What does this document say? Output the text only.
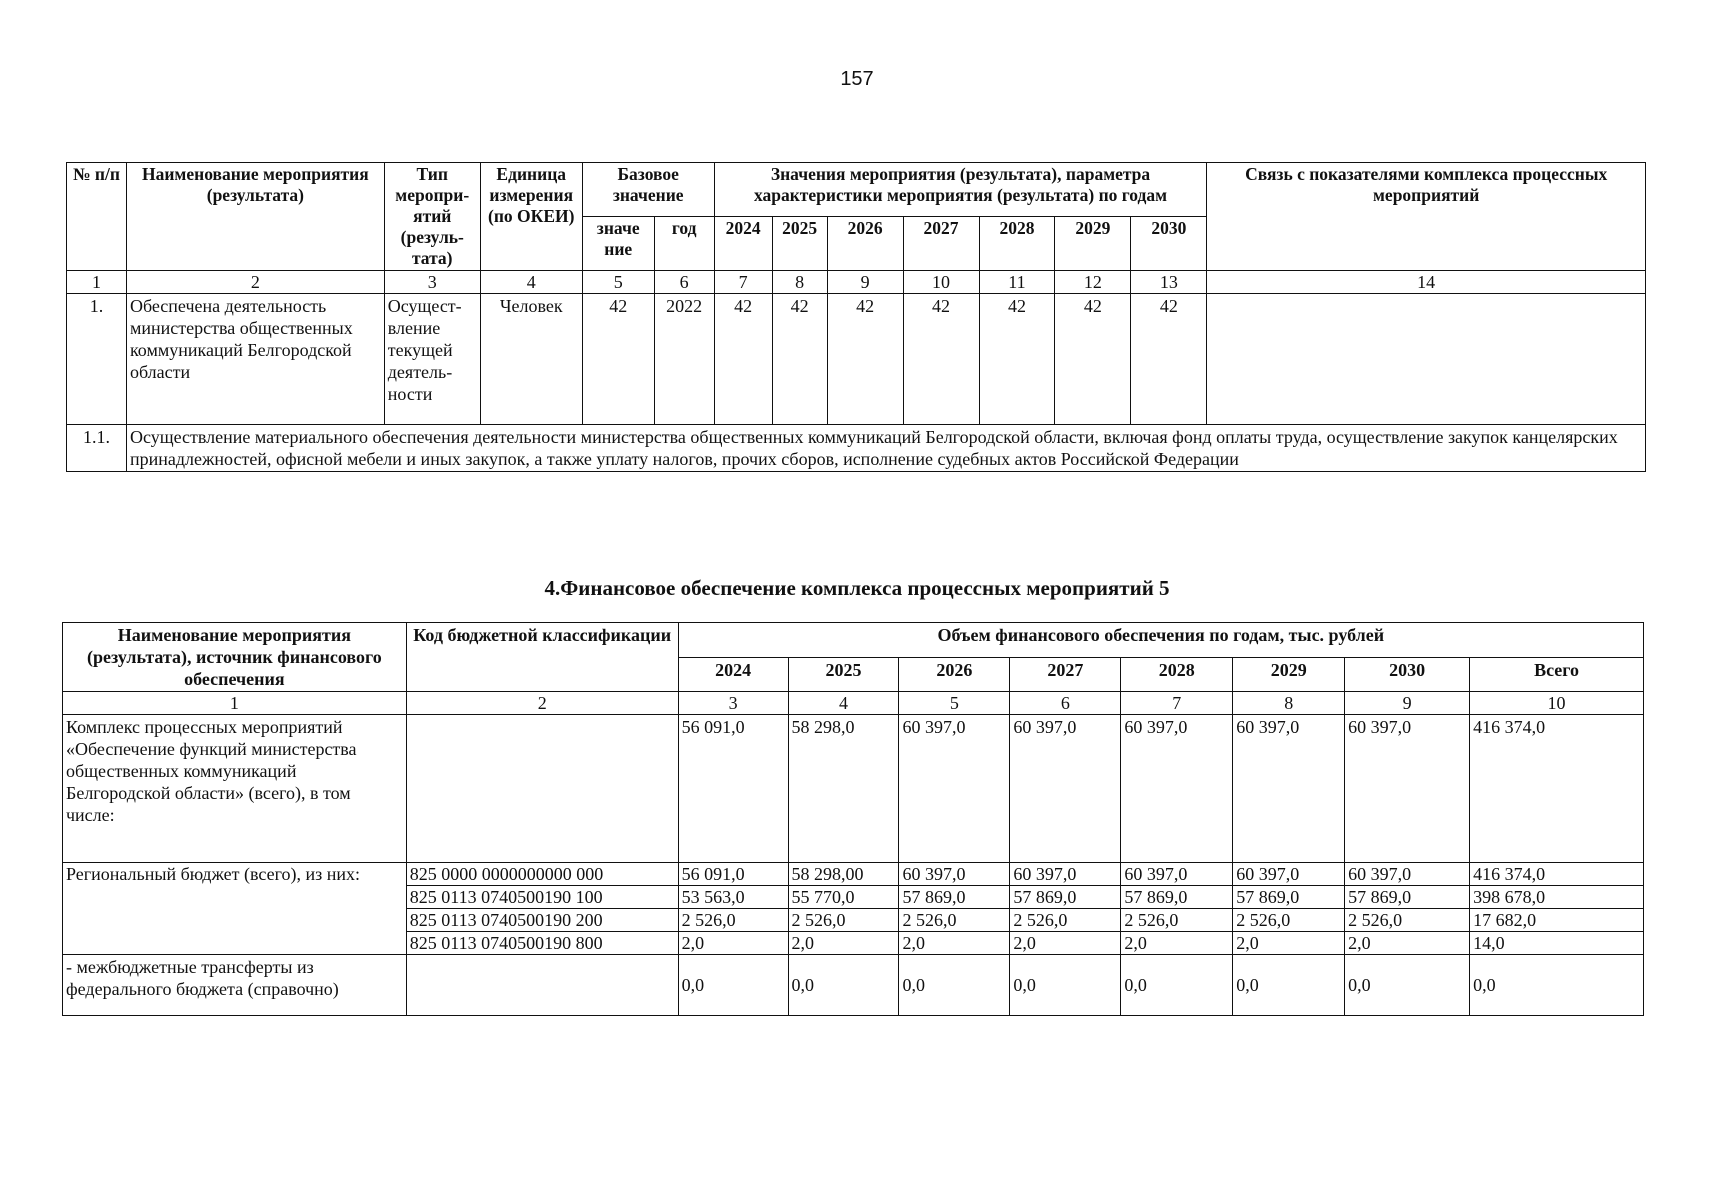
157
№ п/п	Наименование мероприятия (результата)	Тип меропри-ятий (резуль-тата)	Единица измерения (по ОКЕИ)	Базовое значение		Значения мероприятия (результата), параметра характеристики мероприятия (результата) по годам							Связь с показателями комплекса процессных мероприятий
				значе ние	год	2024	2025	2026	2027	2028	2029	2030	
1	2	3	4	5	6	7	8	9	10	11	12	13	14
1.	Обеспечена деятельность министерства общественных коммуникаций Белгородской области	Осущест-вление текущей деятель-ности	Человек	42	2022	42	42	42	42	42	42	42	
1.1.	Осуществление материального обеспечения деятельности министерства общественных коммуникаций Белгородской области, включая фонд оплаты труда, осуществление закупок канцелярских принадлежностей, офисной мебели и иных закупок, а также уплату налогов, прочих сборов, исполнение судебных актов Российской Федерации												
4.Финансовое обеспечение комплекса процессных мероприятий 5
Наименование мероприятия (результата), источник финансового обеспечения	Код бюджетной классификации	Объем финансового обеспечения по годам, тыс. рублей							
		2024	2025	2026	2027	2028	2029	2030	Всего
1	2	3	4	5	6	7	8	9	10
Комплекс процессных мероприятий «Обеспечение функций министерства общественных коммуникаций Белгородской области» (всего), в том числе:		56 091,0	58 298,0	60 397,0	60 397,0	60 397,0	60 397,0	60 397,0	416 374,0
Региональный бюджет (всего), из них:	825 0000 0000000000 000	56 091,0	58 298,00	60 397,0	60 397,0	60 397,0	60 397,0	60 397,0	416 374,0
	825 0113 0740500190 100	53 563,0	55 770,0	57 869,0	57 869,0	57 869,0	57 869,0	57 869,0	398 678,0
	825 0113 0740500190 200	2 526,0	2 526,0	2 526,0	2 526,0	2 526,0	2 526,0	2 526,0	17 682,0
	825 0113 0740500190 800	2,0	2,0	2,0	2,0	2,0	2,0	2,0	14,0
- межбюджетные трансферты из федерального бюджета (справочно)		0,0	0,0	0,0	0,0	0,0	0,0	0,0	0,0
